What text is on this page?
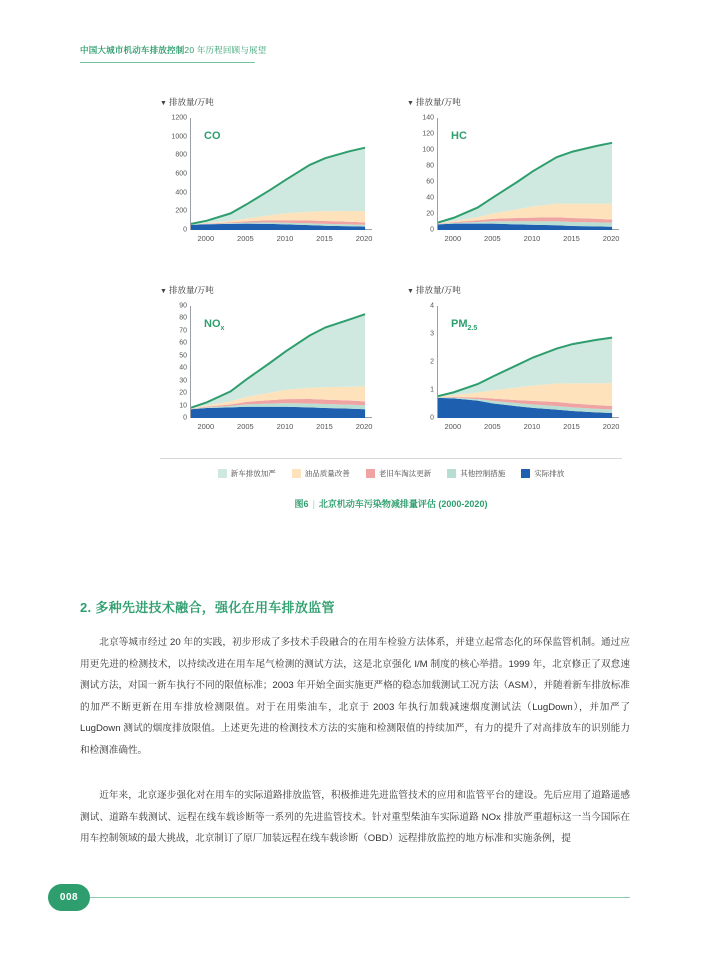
中国大城市机动车排放控制20 年历程回顾与展望
▼ 排放量/万吨
0
200
400
600
800
1000
1200
CO
2000	2005	2010	2015	2020
▼ 排放量/万吨
0
20
40
60
80
100
120
140
HC
2000	2005	2010	2015	2020
▼ 排放量/万吨
0
10
20
30
40
50
60
70
80
90
$NO_x$
2000	2005	2010	2015	2020
▼ 排放量/万吨
0
1
2
3
4
$PM_{2.5}$
2000	2005	2010	2015	2020
新车排放加严	油品质量改善	老旧车淘汰更新	其他控制措施	实际排放
图6 | 北京机动车污染物减排量评估 (2000-2020)
2. 多种先进技术融合，强化在用车排放监管
北京等城市经过 20 年的实践，初步形成了多技术手段融合的在用车检验方法体系，并建立起常态化的环保监管机制。通过应用更先进的检测技术，以持续改进在用车尾气检测的测试方法，这是北京强化 I/M 制度的核心举措。1999 年，北京修正了双怠速测试方法，对国一新车执行不同的限值标准；2003 年开始全面实施更严格的稳态加载测试工况方法（ASM），并随着新车排放标准的加严不断更新在用车排放检测限值。对于在用柴油车，北京于 2003 年执行加载减速烟度测试法（LugDown），并加严了 LugDown 测试的烟度排放限值。上述更先进的检测技术方法的实施和检测限值的持续加严，有力的提升了对高排放车的识别能力和检测准确性。
近年来，北京逐步强化对在用车的实际道路排放监管，积极推进先进监管技术的应用和监管平台的建设。先后应用了道路遥感测试、道路车载测试、远程在线车载诊断等一系列的先进监管技术。针对重型柴油车实际道路 NOx 排放严重超标这一当今国际在用车控制领域的最大挑战，北京制订了原厂加装远程在线车载诊断（OBD）远程排放监控的地方标准和实施条例，提
008
